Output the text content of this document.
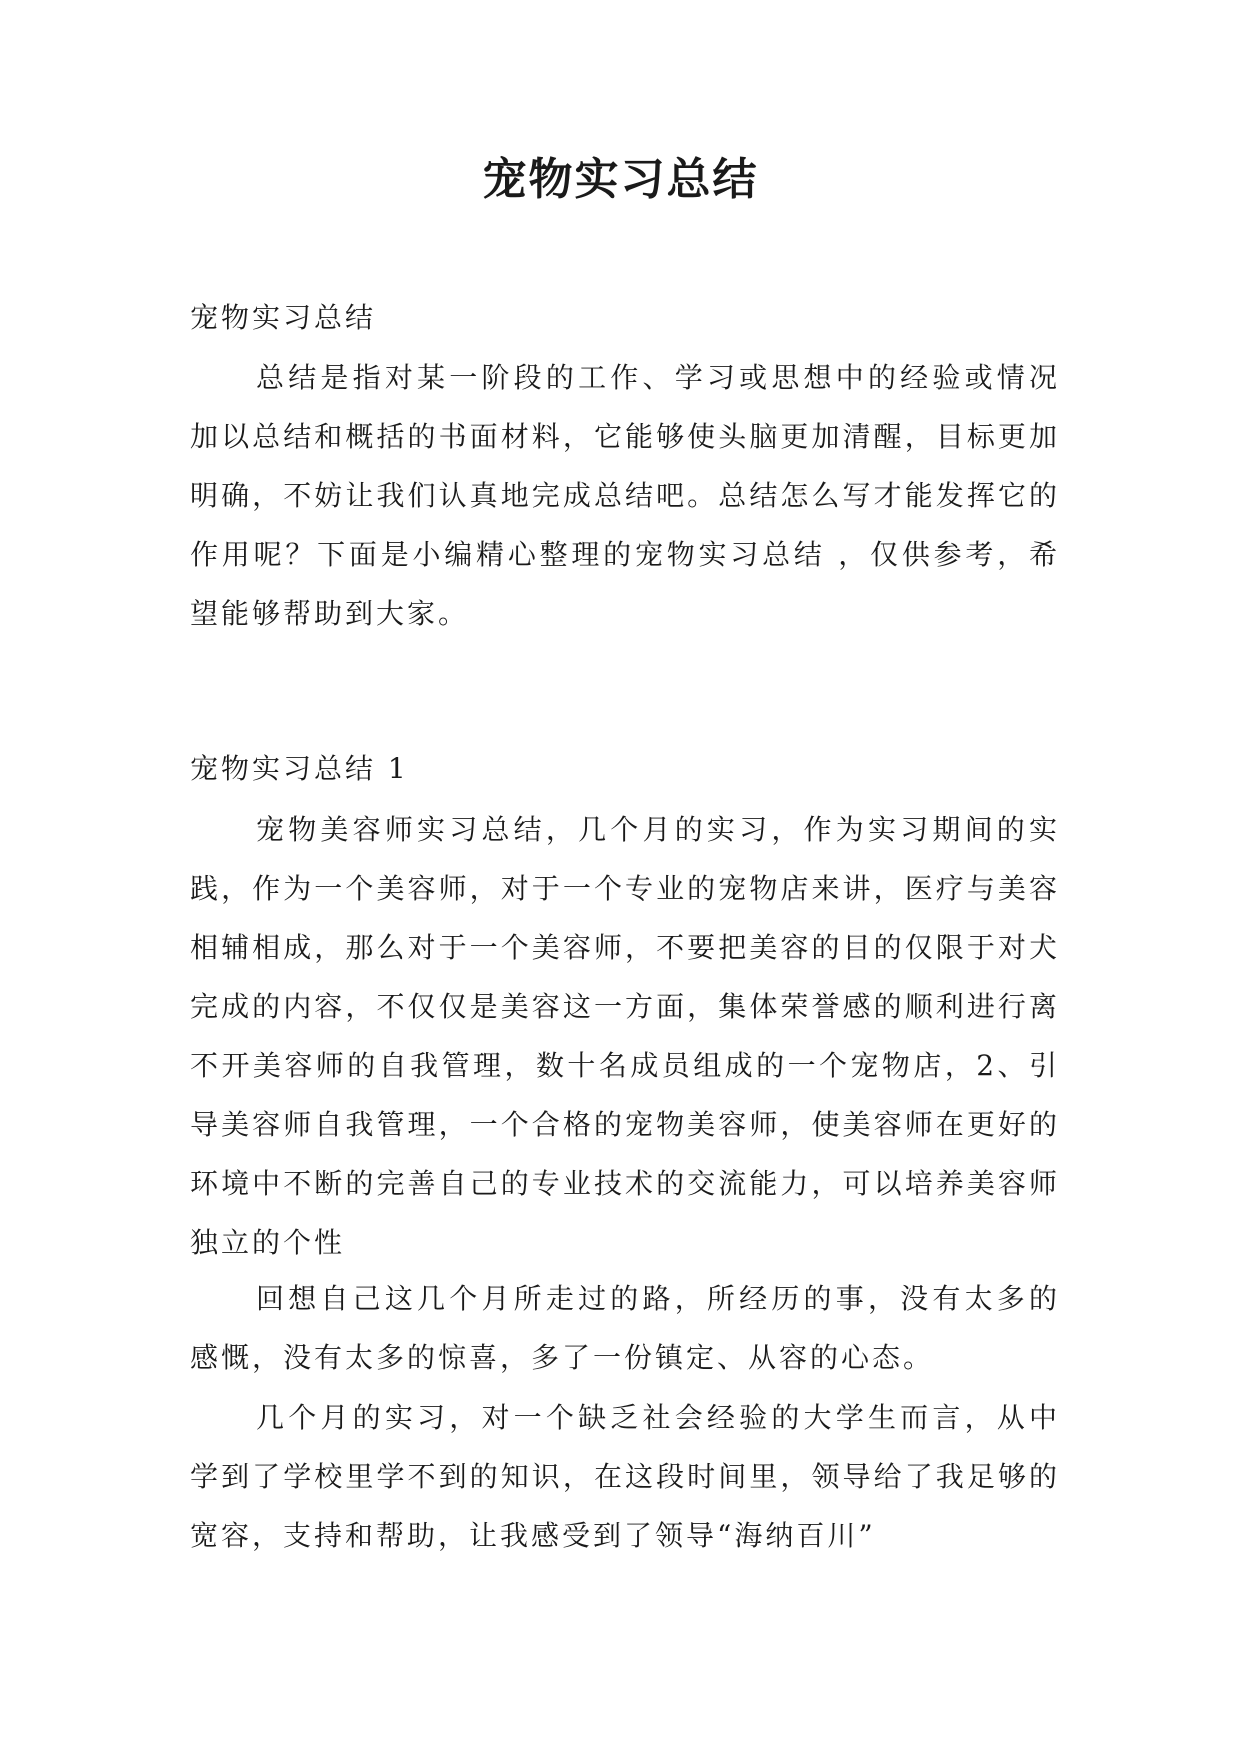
宠物实习总结

宠物实习总结

总结是指对某一阶段的工作、学习或思想中的经验或情况加以总结和概括的书面材料，它能够使头脑更加清醒，目标更加明确，不妨让我们认真地完成总结吧。总结怎么写才能发挥它的作用呢？下面是小编精心整理的宠物实习总结 ，仅供参考，希望能够帮助到大家。

宠物实习总结 1

宠物美容师实习总结，几个月的实习，作为实习期间的实践，作为一个美容师，对于一个专业的宠物店来讲，医疗与美容相辅相成，那么对于一个美容师，不要把美容的目的仅限于对犬完成的内容，不仅仅是美容这一方面，集体荣誉感的顺利进行离不开美容师的自我管理，数十名成员组成的一个宠物店，2、引导美容师自我管理，一个合格的宠物美容师，使美容师在更好的环境中不断的完善自己的专业技术的交流能力，可以培养美容师独立的个性

回想自己这几个月所走过的路，所经历的事，没有太多的感慨，没有太多的惊喜，多了一份镇定、从容的心态。

几个月的实习，对一个缺乏社会经验的大学生而言，从中学到了学校里学不到的知识，在这段时间里，领导给了我足够的宽容，支持和帮助，让我感受到了领导“海纳百川”
